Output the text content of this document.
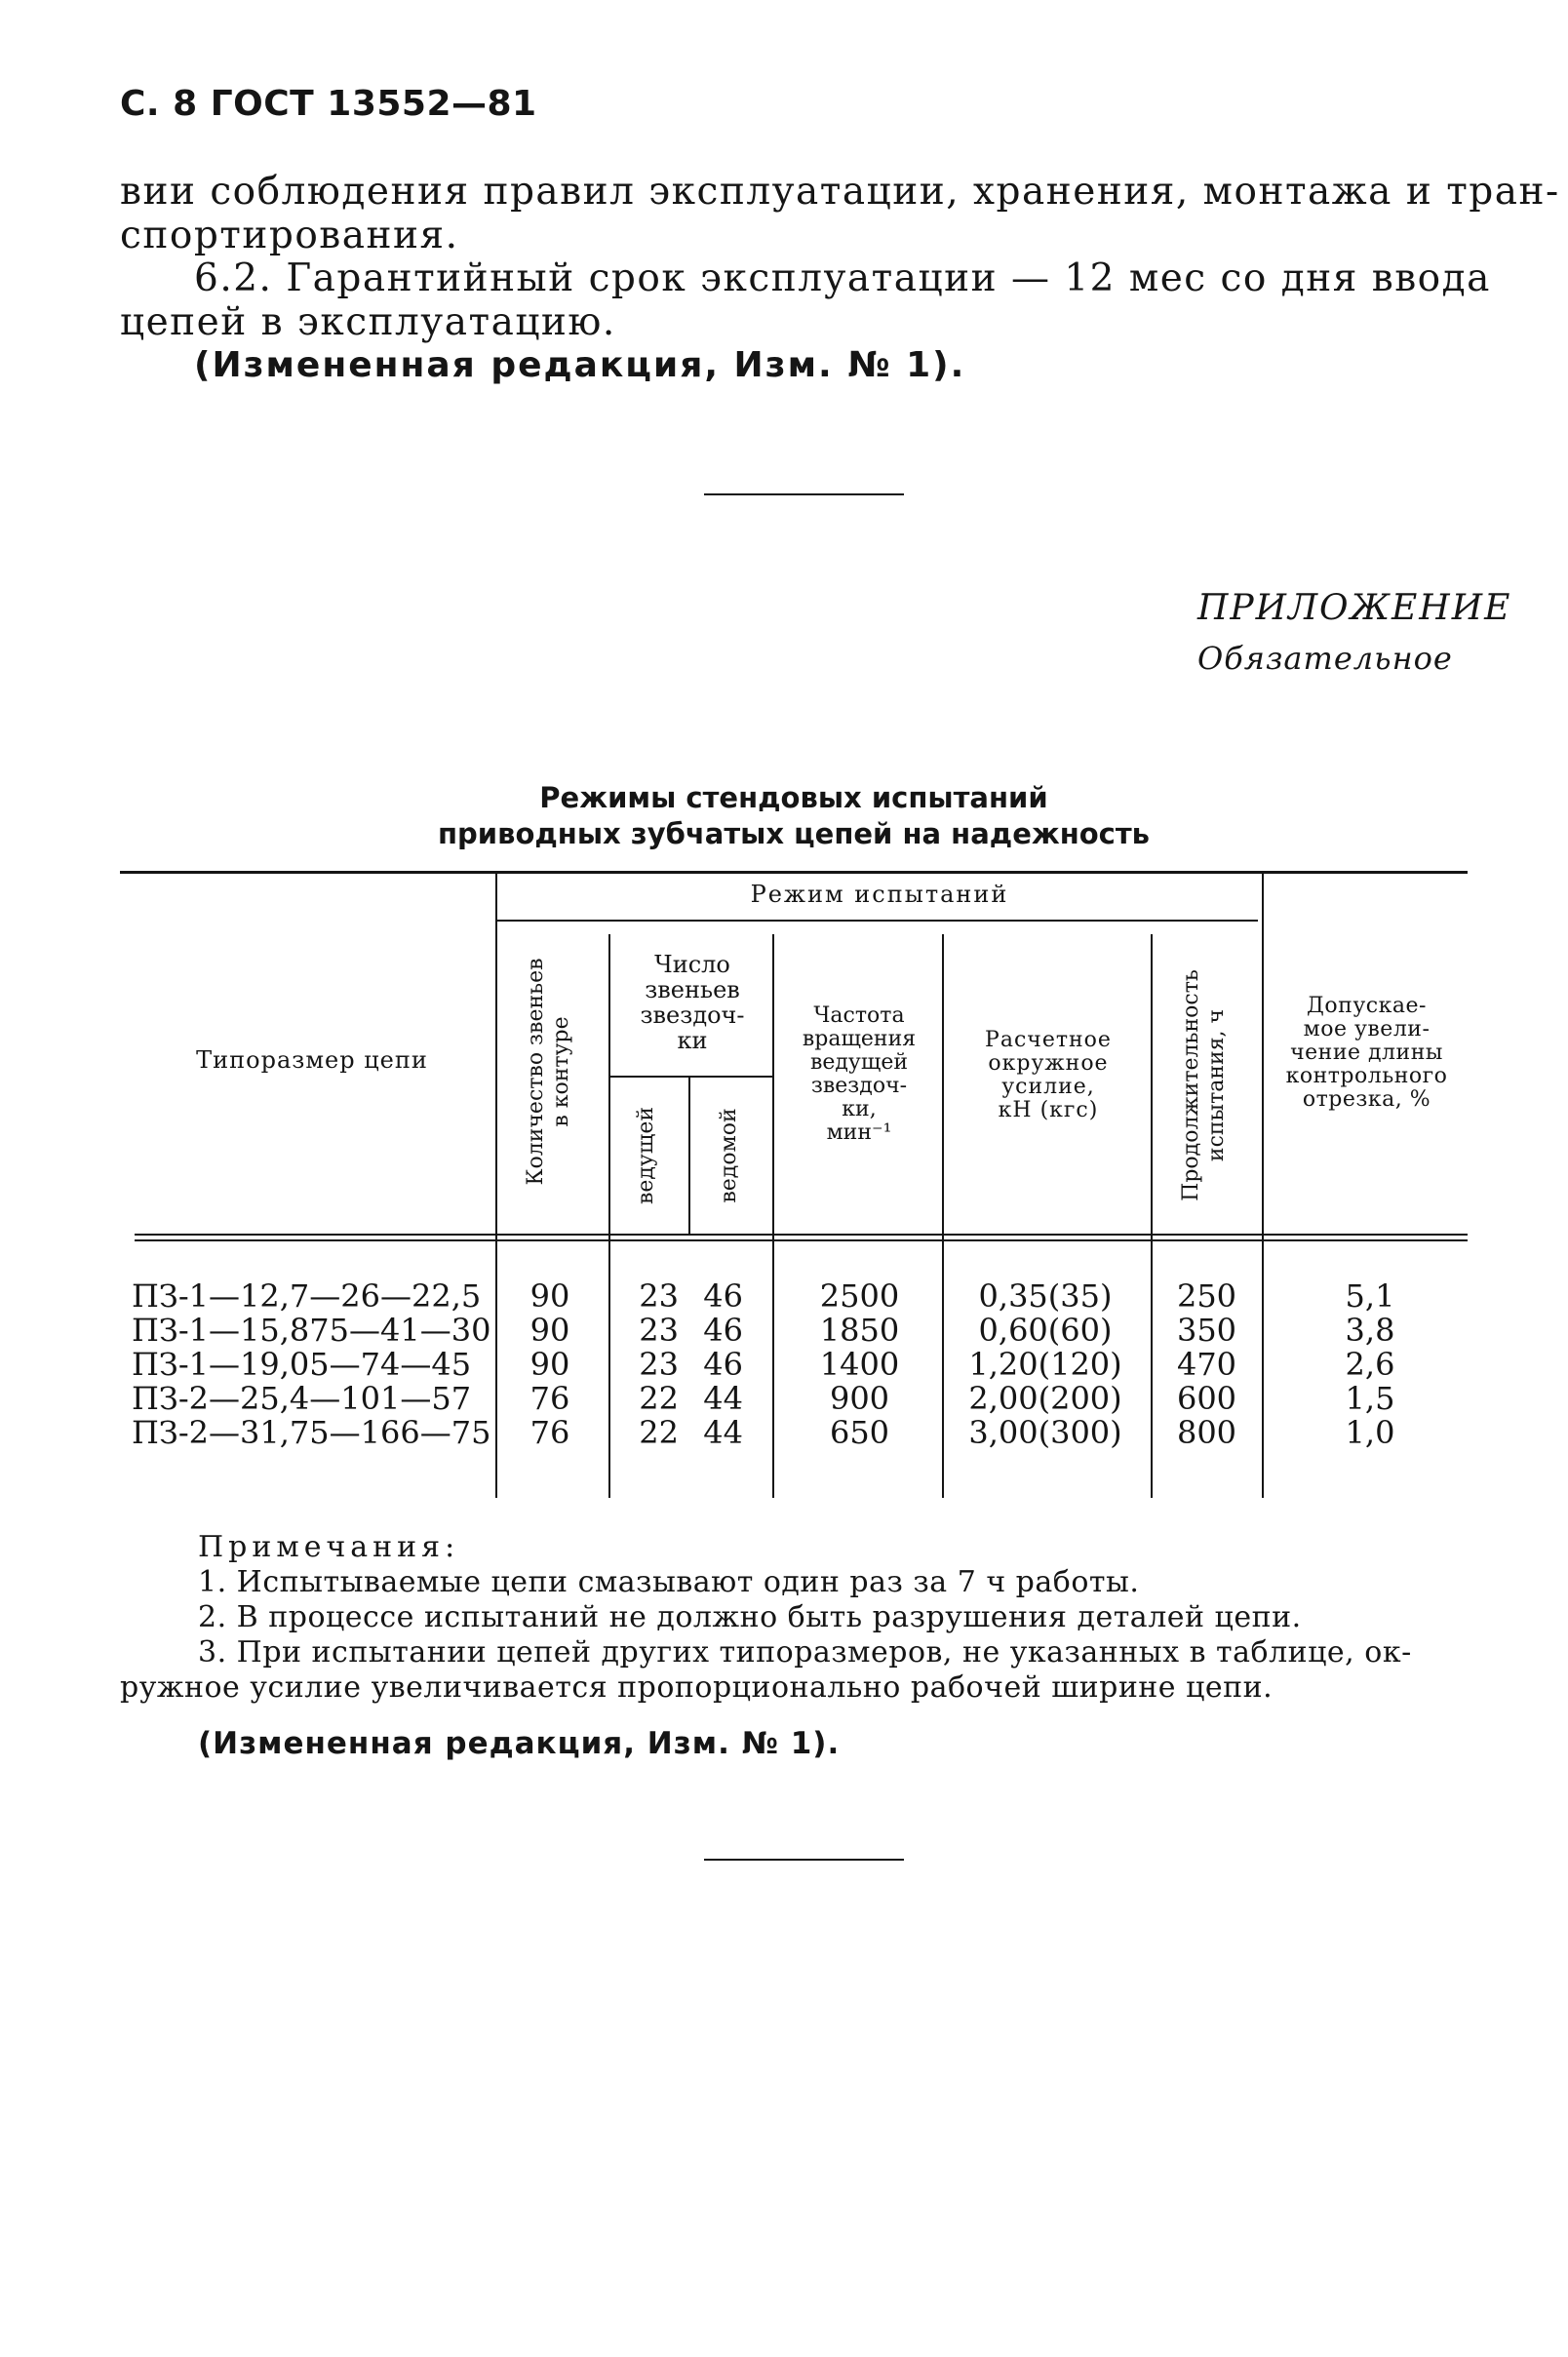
С. 8 ГОСТ 13552—81
вии соблюдения правил эксплуатации, хранения, монтажа и тран-
спортирования.
6.2. Гарантийный срок эксплуатации — 12 мес со дня ввода
цепей в эксплуатацию.
(Измененная редакция, Изм. № 1).
ПРИЛОЖЕНИЕ
Обязательное
Режимы стендовых испытаний
приводных зубчатых цепей на надежность
Типоразмер цепи
Режим испытаний
Количество звеньев в контуре
Число
звеньев
звездоч-
ки
ведущей	ведомой
Частота
вращения
ведущей
звездоч-
ки,
мин⁻¹
Расчетное
окружное
усилие,
кН (кгс)	Продолжительность испытания, ч
Допускае-
мое увели-
чение длины
контрольного
отрезка, %
ПЗ-1—12,7—26—22,5
ПЗ-1—15,875—41—30
ПЗ-1—19,05—74—45
ПЗ-2—25,4—101—57
ПЗ-2—31,75—166—75
90
90
90
76
76
23
23
23
22
22
46
46
46
44
44
2500
1850
1400
900
650
0,35(35)
0,60(60)
1,20(120)
2,00(200)
3,00(300)
250
350
470
600
800
5,1
3,8
2,6
1,5
1,0
Примечания:
1. Испытываемые цепи смазывают один раз за 7 ч работы.
2. В процессе испытаний не должно быть разрушения деталей цепи.
3. При испытании цепей других типоразмеров, не указанных в таблице, ок-
ружное усилие увеличивается пропорционально рабочей ширине цепи.
(Измененная редакция, Изм. № 1).
